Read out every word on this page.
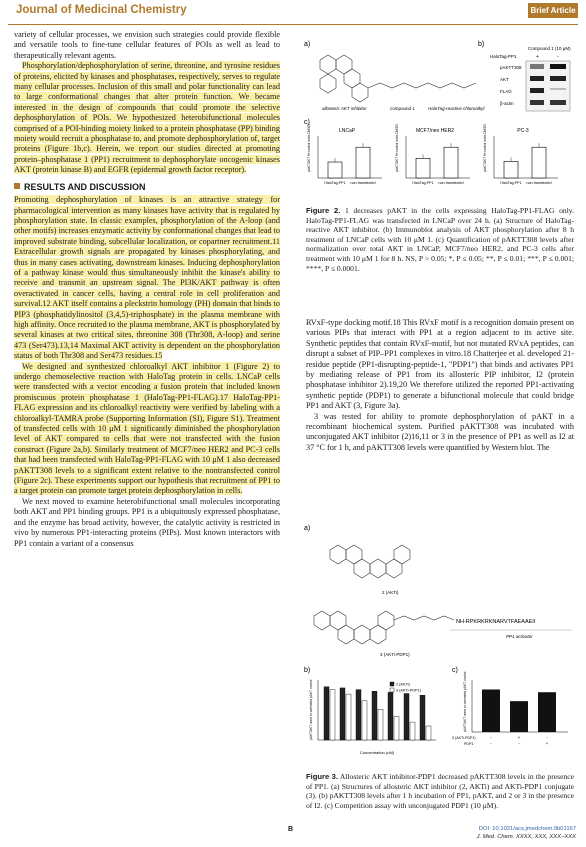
Journal of Medicinal Chemistry	Brief Article

variety of cellular processes, we envision such strategies could provide flexible and versatile tools to fine-tune cellular features of POIs as well as lead to therapeutically relevant agents.

Phosphorylation/dephosphorylation of serine, threonine, and tyrosine residues of proteins, elicited by kinases and phosphatases, respectively, serves to regulate many cellular processes. Inclusion of this small and polar functionality can lead to large conformational changes that alter protein function. We became interested in the design of compounds that could promote the selective dephosphorylation of POIs. We hypothesized heterobifunctional molecules comprised of a POI-binding moiety linked to a protein phosphatase (PP) binding moiety would recruit a phosphatase to, and promote dephosphorylation of, target proteins (Figure 1b,c). Herein, we report our studies directed at promoting protein–phosphatase 1 (PP1) recruitment to dephosphorylate oncogenic kinases AKT (protein kinase B) and EGFR (epidermal growth factor receptor).

RESULTS AND DISCUSSION

Promoting dephosphorylation of kinases is an attractive strategy for pharmacological intervention as many kinases have activity that is regulated by phosphorylation state. In classic examples, phosphorylation of the A-loop (and other motifs) increases enzymatic activity by conformational changes that lead to improved substrate binding, subcellular localization, or copartner recruitment.11 Extracellular growth signals are propagated by kinases phosphorylating, and thus in many cases activating, downstream kinases. Inducing dephosphorylation of a pathway kinase would thus simultaneously inhibit the kinase's ability to receive and transmit an upstream signal. The PI3K/AKT pathway is often overactivated in cancer cells, having a central role in cell proliferation and survival.12 AKT itself contains a pleckstrin homology (PH) domain that binds to PIP3 (phosphatidylinositol (3,4,5)-triphosphate) in the plasma membrane with high affinity. Once recruited to the plasma membrane, AKT is phosphorylated by several kinases at two critical sites, threonine 308 (Thr308, A-loop) and serine 473 (Ser473).13,14 Maximal AKT activity is dependent on the phosphorylation status of both Thr308 and Ser473 residues.15

We designed and synthesized chloroalkyl AKT inhibitor 1 (Figure 2) to undergo chemoselective reaction with HaloTag protein in cells. LNCaP cells were transfected with a vector encoding a fusion protein that included known promiscuous protein phosphatase 1 (HaloTag-PP1-FLAG).17 HaloTag-PP1-FLAG expression and its chloroalkyl reactivity were verified by labeling with a chloroalkyl-TAMRA probe (Supporting Information (SI), Figure S1). Treatment of transfected cells with 10 μM 1 significantly diminished the phosphorylation level of AKT compared to cells that were not transfected with the fusion construct (Figure 2a,b). Similarly treatment of MCF7/neo HER2 and PC-3 cells that had been transfected with HaloTag-PP1-FLAG with 10 μM 1 also decreased pAKTT308 levels to a significant extent relative to the nontransfected control (Figure 2c). These experiments support our hypothesis that recruitment of PP1 to a target protein can promote target protein dephosphorylation in cells.

We next moved to examine heterobifunctional small molecules incorporating both AKT and PP1 binding groups. PP1 is a ubiquitously expressed phosphatase, and the enzyme has broad activity, however, the catalytic activity is restricted in vivo by numerous PP1-interacting proteins (PIPs). Most known interactors with PP1 contain a variant of a consensus

a)	b)
allosteric AKT inhibitor	compound 1	HaloTag-reactive chloroalkyl
Compound 1 (10 μM)
HaloTag-PP1	+	-
pAKTT308
AKT
FLAG
β-actin
c)
LNCaP
pAKT/AKT % control norm DMSO
HaloTag-PP1 non-transfected
MCF7/neo HER2
pAKT/AKT % control norm DMSO
HaloTag-PP1 non-transfected
PC-3
pAKT/AKT % control norm DMSO
HaloTag-PP1 non-transfected
Figure 2. 1 decreases pAKT in the cells expressing HaloTag-PP1-FLAG only. HaloTag-PP1-FLAG was transfected in LNCaP over 24 h. (a) Structure of HaloTag-reactive AKT inhibitor. (b) Immunoblot analysis of AKT phosphorylation after 8 h treatment of LNCaP cells with 10 μM 1. (c) Quantification of pAKTT308 levels after normalization over total AKT in LNCaP, MCF7/neo HER2, and PC-3 cells after treatment with 10 μM 1 for 8 h. NS, P > 0.05; *, P ≤ 0.05; **, P ≤ 0.01; ***, P ≤ 0.001; ****, P ≤ 0.0001.

RVxF-type docking motif.18 This RVxF motif is a recognition domain present on various PIPs that interact with PP1 at a region adjacent to its active site. Synthetic peptides that contain RVxF-motif, but not mutated RVxA peptides, can disrupt a subset of PIP–PP1 complexes in vitro.18 Chatterjee et al. developed 21-residue peptide (PP1-disrupting-peptide-1, "PDP1") that binds and activates PP1 by mediating release of PP1 from its allosteric PIP inhibitor, I2 (protein phosphatase inhibitor 2).19,20 We therefore utilized the reported PP1-activating synthetic peptide (PDP1) to generate a bifunctional molecule that could bridge PP1 and AKT (3, Figure 3a).

3 was tested for ability to promote dephosphorylation of pAKT in a recombinant biochemical system. Purified pAKTT308 was incubated with unconjugated AKT inhibitor (2)16,11 or 3 in the presence of PP1 as well as I2 at 37 °C for 1 h, and pAKTT308 levels were quantified by Western blot. The

a)
2 (AKTi)
NH-RPKRKRKNARVTFAEAAEII
PP1 activator
3 (AKTi-PDP1)
b)	c)
pAKT/AKT norm to untreated pAKT control
Concentration (uM)
2 (AKTi)
3 (AKTi-PDP1)	pAKT/AKT norm to untreated pAKT control
-
-
+
-
-
+
3 (AKTi-PDP1)
PDP1
Figure 3. Allosteric AKT inhibitor-PDP1 decreased pAKTT308 levels in the presence of PP1. (a) Structures of allosteric AKT inhibitor (2, AKTi) and AKTi-PDP1 conjugate (3). (b) pAKTT308 levels after 1 h incubation of PP1, pAKT, and 2 or 3 in the presence of I2. (c) Competition assay with unconjugated PDP1 (10 μM).
B	DOI: 10.1021/acs.jmedchem.9b01167
J. Med. Chem. XXXX, XXX, XXX−XXX
